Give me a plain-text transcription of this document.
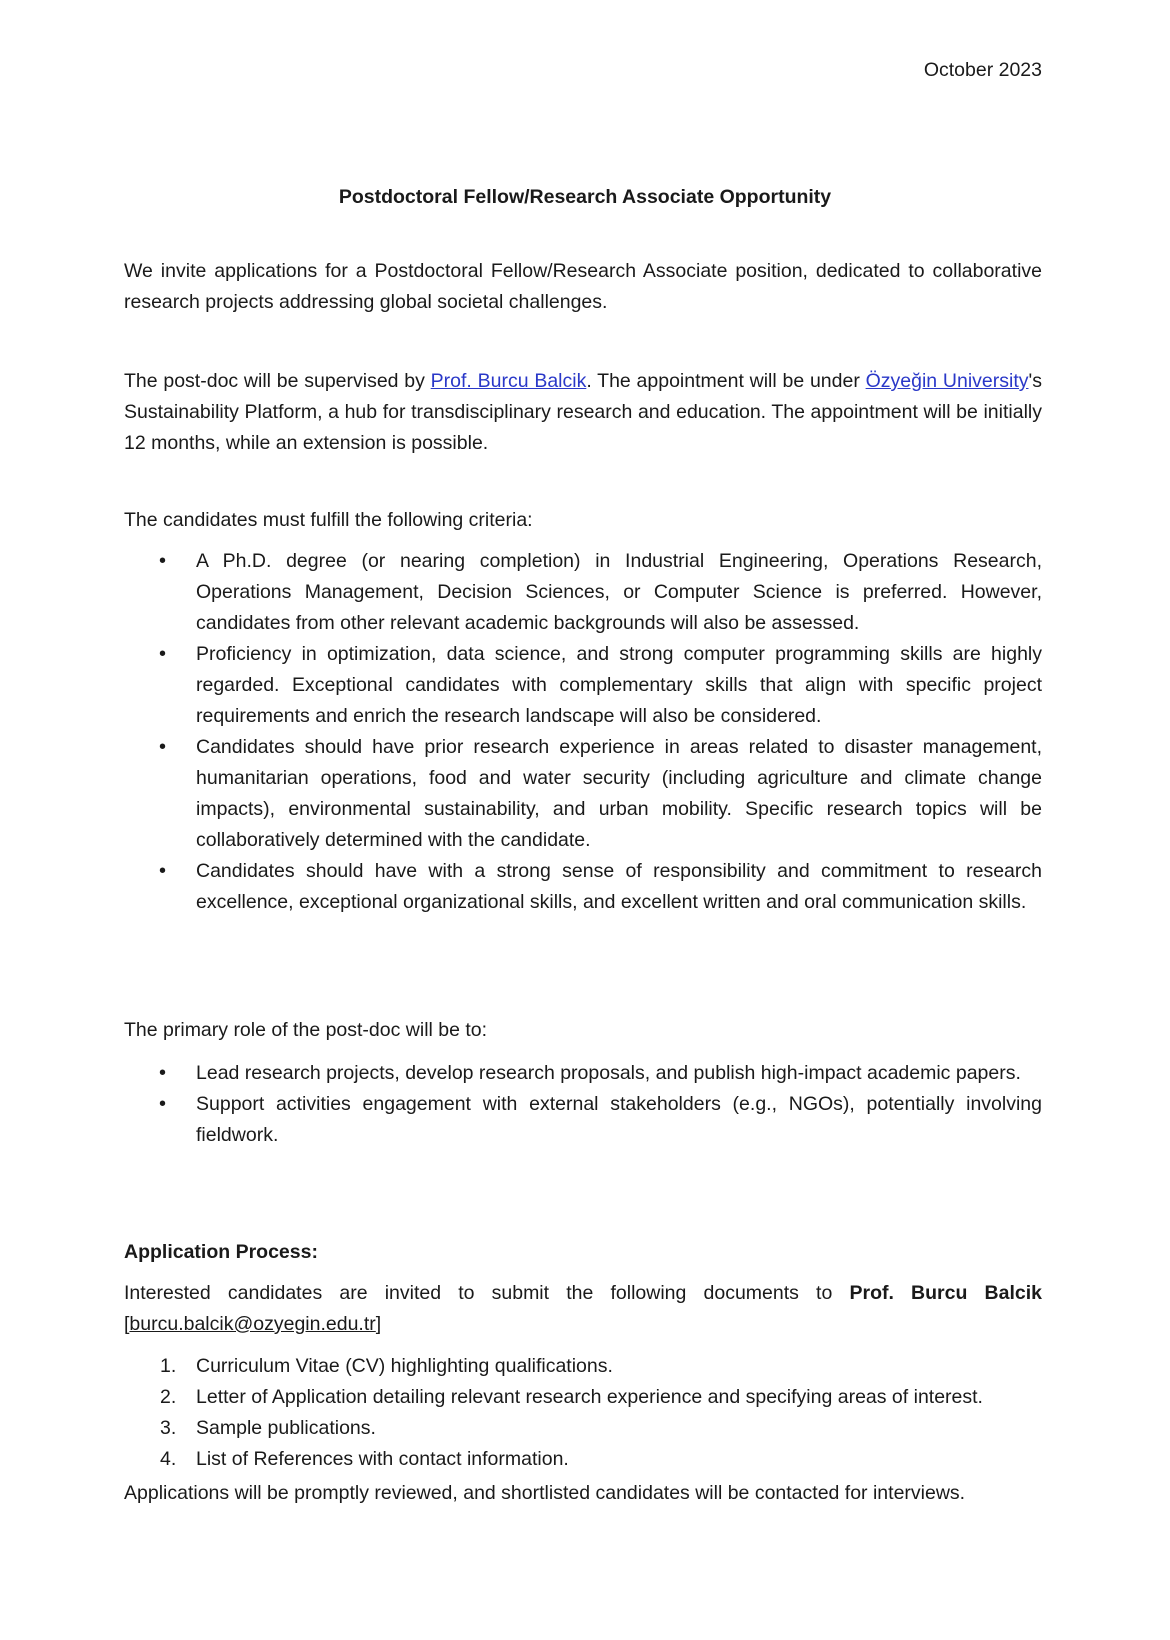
October 2023
Postdoctoral Fellow/Research Associate Opportunity

We invite applications for a Postdoctoral Fellow/Research Associate position, dedicated to collaborative research projects addressing global societal challenges.

The post-doc will be supervised by Prof. Burcu Balcik. The appointment will be under Özyeğin University's Sustainability Platform, a hub for transdisciplinary research and education. The appointment will be initially 12 months, while an extension is possible.

The candidates must fulfill the following criteria:

• A Ph.D. degree (or nearing completion) in Industrial Engineering, Operations Research, Operations Management, Decision Sciences, or Computer Science is preferred. However, candidates from other relevant academic backgrounds will also be assessed.
• Proficiency in optimization, data science, and strong computer programming skills are highly regarded. Exceptional candidates with complementary skills that align with specific project requirements and enrich the research landscape will also be considered.
• Candidates should have prior research experience in areas related to disaster management, humanitarian operations, food and water security (including agriculture and climate change impacts), environmental sustainability, and urban mobility. Specific research topics will be collaboratively determined with the candidate.
• Candidates should have with a strong sense of responsibility and commitment to research excellence, exceptional organizational skills, and excellent written and oral communication skills.

The primary role of the post-doc will be to:

• Lead research projects, develop research proposals, and publish high-impact academic papers.
• Support activities engagement with external stakeholders (e.g., NGOs), potentially involving fieldwork.

Application Process:

Interested candidates are invited to submit the following documents to Prof. Burcu Balcik [burcu.balcik@ozyegin.edu.tr]

1. Curriculum Vitae (CV) highlighting qualifications.
2. Letter of Application detailing relevant research experience and specifying areas of interest.
3. Sample publications.
4. List of References with contact information.

Applications will be promptly reviewed, and shortlisted candidates will be contacted for interviews.
